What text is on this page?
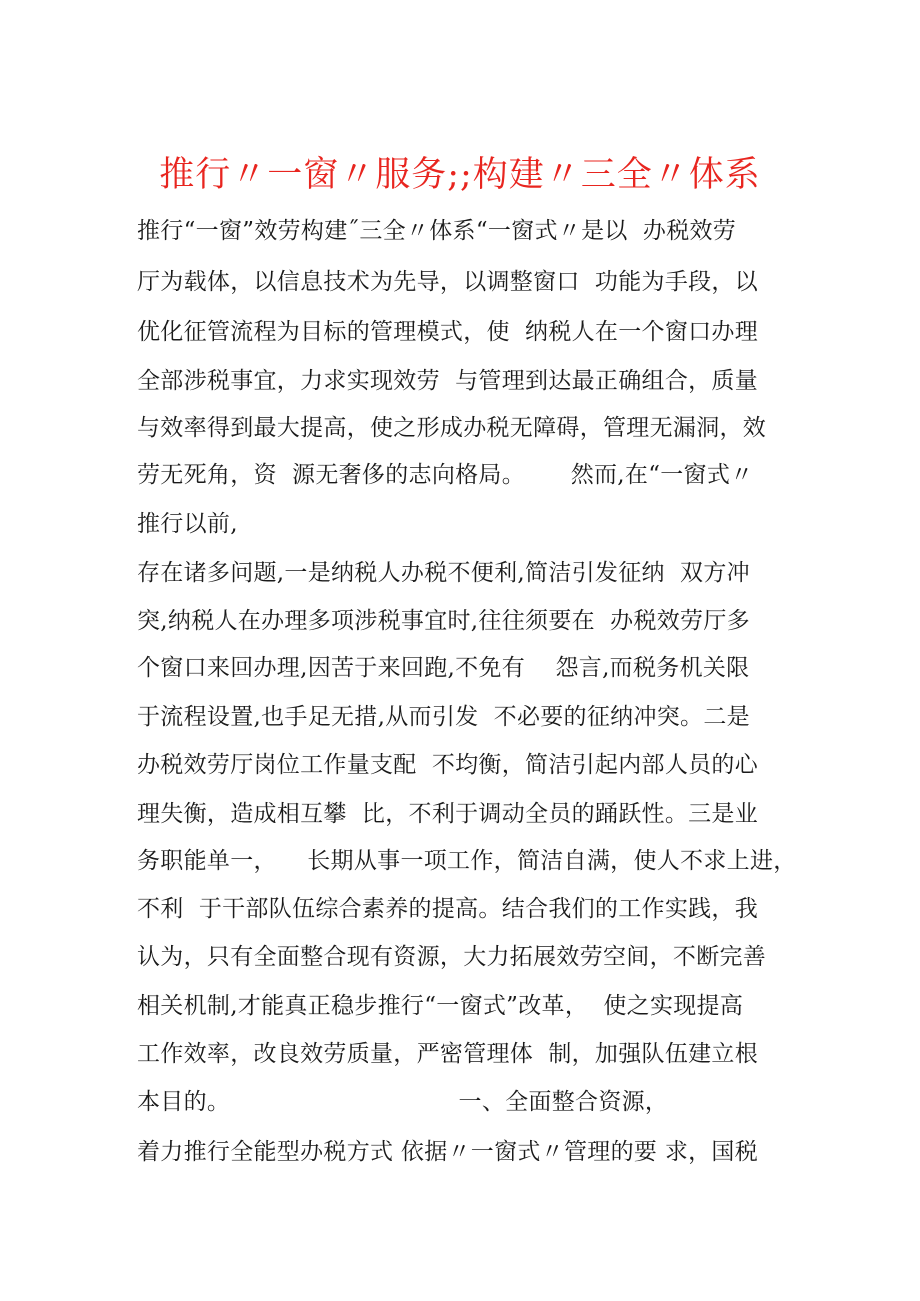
推行〃一窗〃服务;;构建〃三全〃体系
推行“一窗”效劳构建˝三全〃体系“一窗式〃是以  办税效劳
厅为载体，以信息技术为先导，以调整窗口  功能为手段，以
优化征管流程为目标的管理模式，使  纳税人在一个窗口办理
全部涉税事宜，力求实现效劳  与管理到达最正确组合，质量
与效率得到最大提高，使之形成办税无障碍，管理无漏洞，效
劳无死角，资  源无奢侈的志向格局。      然而,在“一窗式〃
推行以前,
存在诸多问题,一是纳税人办税不便利,简洁引发征纳  双方冲
突,纳税人在办理多项涉税事宜时,往往须要在  办税效劳厅多
个窗口来回办理,因苦于来回跑,不免有    怨言,而税务机关限
于流程设置,也手足无措,从而引发  不必要的征纳冲突。二是
办税效劳厅岗位工作量支配  不均衡，简洁引起内部人员的心
理失衡，造成相互攀  比，不利于调动全员的踊跃性。三是业
务职能单一，    长期从事一项工作，简洁自满，使人不求上进，
不利  于干部队伍综合素养的提高。结合我们的工作实践，我
认为，只有全面整合现有资源，大力拓展效劳空间，不断完善
相关机制,才能真正稳步推行“一窗式”改革，  使之实现提高
工作效率，改良效劳质量，严密管理体  制，加强队伍建立根
本目的。                              一、全面整合资源，
着力推行全能型办税方式 依据〃一窗式〃管理的要 求，国税
